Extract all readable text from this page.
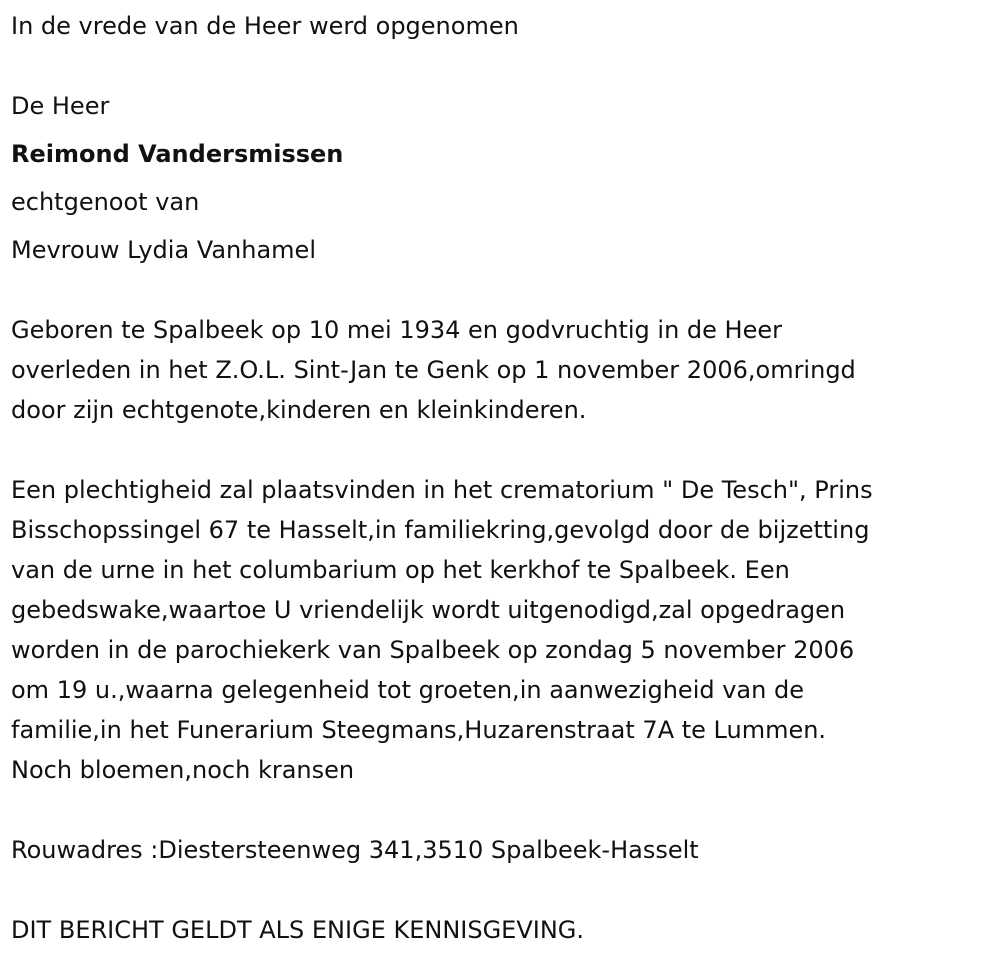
In de vrede van de Heer werd opgenomen
De Heer
Reimond Vandersmissen
echtgenoot van
Mevrouw Lydia Vanhamel
Geboren te Spalbeek op 10 mei 1934 en godvruchtig in de Heer
overleden in het Z.O.L. Sint-Jan te Genk op 1 november 2006,omringd
door zijn echtgenote,kinderen en kleinkinderen.
Een plechtigheid zal plaatsvinden in het crematorium " De Tesch", Prins
Bisschopssingel 67 te Hasselt,in familiekring,gevolgd door de bijzetting
van de urne in het columbarium op het kerkhof te Spalbeek. Een
gebedswake,waartoe U vriendelijk wordt uitgenodigd,zal opgedragen
worden in de parochiekerk van Spalbeek op zondag 5 november 2006
om 19 u.,waarna gelegenheid tot groeten,in aanwezigheid van de
familie,in het Funerarium Steegmans,Huzarenstraat 7A te Lummen.
Noch bloemen,noch kransen
Rouwadres :Diestersteenweg 341,3510 Spalbeek-Hasselt
DIT BERICHT GELDT ALS ENIGE KENNISGEVING.
